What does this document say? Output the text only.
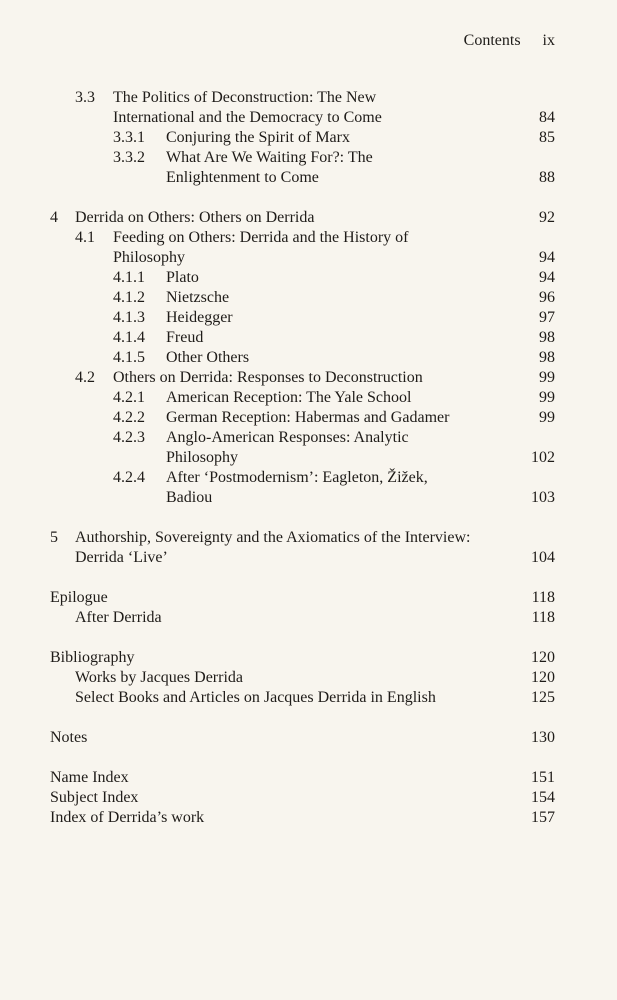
Contents ix
3.3 The Politics of Deconstruction: The New
International and the Democracy to Come	84
3.3.1 Conjuring the Spirit of Marx	85
3.3.2 What Are We Waiting For?: The
Enlightenment to Come	88
4 Derrida on Others: Others on Derrida	92
4.1 Feeding on Others: Derrida and the History of
Philosophy	94
4.1.1 Plato	94
4.1.2 Nietzsche	96
4.1.3 Heidegger	97
4.1.4 Freud	98
4.1.5 Other Others	98
4.2 Others on Derrida: Responses to Deconstruction	99
4.2.1 American Reception: The Yale School	99
4.2.2 German Reception: Habermas and Gadamer	99
4.2.3 Anglo-American Responses: Analytic
Philosophy	102
4.2.4 After ‘Postmodernism’: Eagleton, Žižek,
Badiou	103
5 Authorship, Sovereignty and the Axiomatics of the Interview:
Derrida ‘Live’	104
Epilogue	118
After Derrida	118
Bibliography	120
Works by Jacques Derrida	120
Select Books and Articles on Jacques Derrida in English	125
Notes	130
Name Index	151
Subject Index	154
Index of Derrida’s work	157
